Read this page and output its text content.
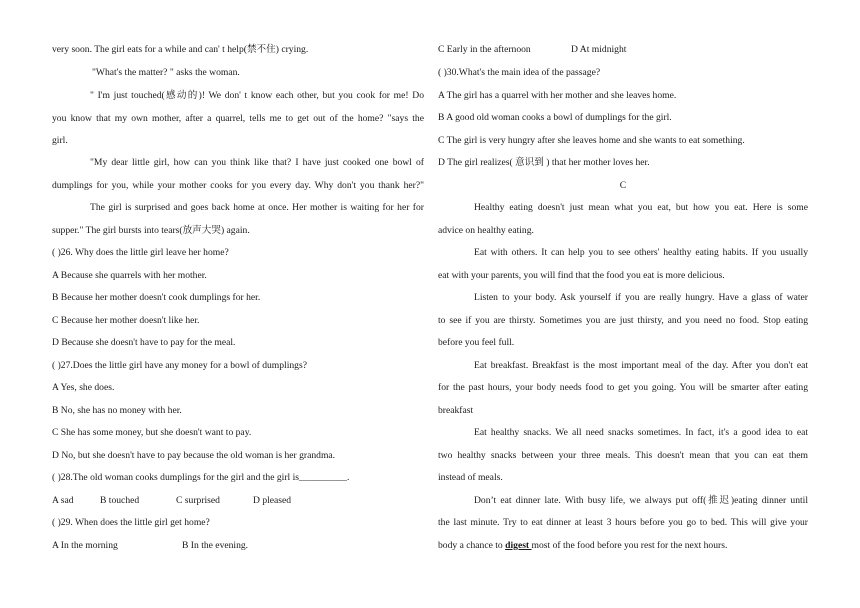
very soon. The girl eats for a while and can' t help(禁不住) crying.
"What's the matter? " asks the woman.
" I'm just touched(感动的)! We don' t know each other, but you cook for me! Do
you know that my own mother, after a quarrel, tells me to get out of the home? "says the
girl.
"My dear little girl, how can you think like that? I have just cooked one bowl of
dumplings for you, while your mother cooks for you every day. Why don't you thank her?"
The girl is surprised and goes back home at once. Her mother is waiting for her for
supper." The girl bursts into tears(放声大哭) again.
( )26. Why does the little girl leave her home?
A Because she quarrels with her mother.
B Because her mother doesn't cook dumplings for her.
C Because her mother doesn't like her.
D Because she doesn't have to pay for the meal.
( )27.Does the little girl have any money for a bowl of dumplings?
A Yes, she does.
B No, she has no money with her.
C She has some money, but she doesn't want to pay.
D No, but she doesn't have to pay because the old woman is her grandma.
( )28.The old woman cooks dumplings for the girl and the girl is__________.
A sad	B touched	C surprised	D pleased
( )29. When does the little girl get home?
A In the morning	B In the evening.
C Early in the afternoon	D At midnight
( )30.What's the main idea of the passage?
A The girl has a quarrel with her mother and she leaves home.
B A good old woman cooks a bowl of dumplings for the girl.
C The girl is very hungry after she leaves home and she wants to eat something.
D The girl realizes( 意识到 ) that her mother loves her.
C
Healthy eating doesn't just mean what you eat, but how you eat. Here is some
advice on healthy eating.
Eat with others. It can help you to see others' healthy eating habits. If you usually
eat with your parents, you will find that the food you eat is more delicious.
Listen to your body. Ask yourself if you are really hungry. Have a glass of water
to see if you are thirsty. Sometimes you are just thirsty, and you need no food. Stop eating
before you feel full.
Eat breakfast. Breakfast is the most important meal of the day. After you don't eat
for the past hours, your body needs food to get you going. You will be smarter after eating
breakfast
Eat healthy snacks. We all need snacks sometimes. In fact, it's a good idea to eat
two healthy snacks between your three meals. This doesn't mean that you can eat them
instead of meals.
Don’t eat dinner late. With busy life, we always put off(推迟)eating dinner until
the last minute. Try to eat dinner at least 3 hours before you go to bed. This will give your
body a chance to digest most of the food before you rest for the next hours.
